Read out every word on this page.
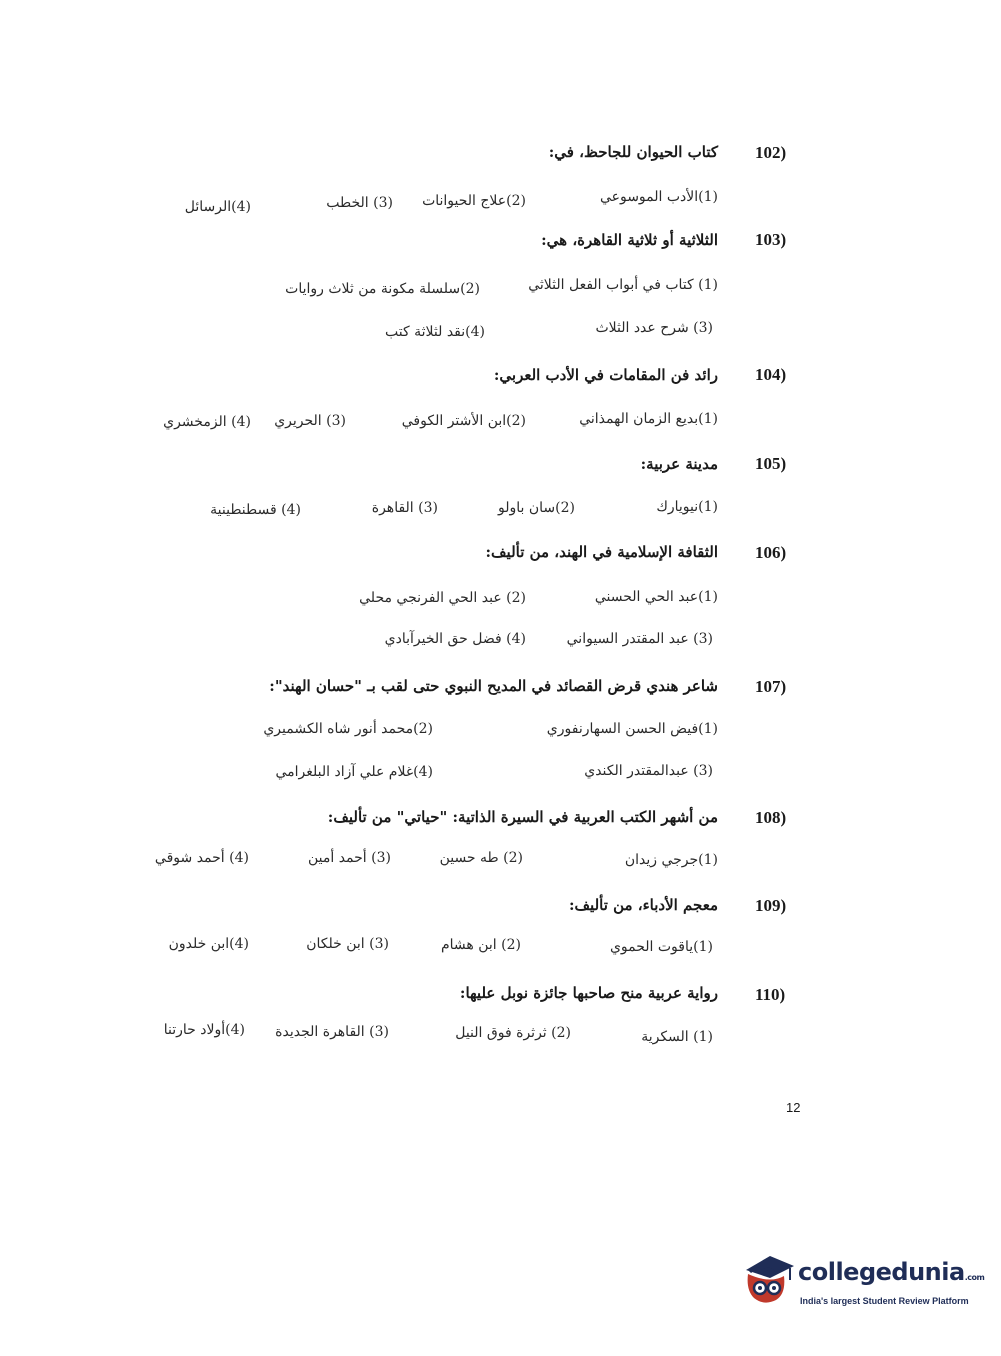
102)
كتاب الحيوان للجاحظ، في:
(1)الأدب الموسوعي
(2)علاج الحيوانات
(3) الخطب
(4)الرسائل
103)
الثلاثية أو ثلاثية القاهرة، هي:
(1) كتاب في أبواب الفعل الثلاثي
(2)سلسلة مكونة من ثلاث روايات
(3) شرح عدد الثلاث
(4)نقد لثلاثة كتب
104)
رائد فن المقامات في الأدب العربي:
(1)بديع الزمان الهمذاني
(2)ابن الأشتر الكوفي
(3) الحريري
(4) الزمخشري
105)
مدينة عربية:
(1)نيويارك
(2)سان باولو
(3) القاهرة
(4) قسطنطينية
106)
الثقافة الإسلامية في الهند، من تأليف:
(1)عبد الحي الحسني
(2) عبد الحي الفرنجي محلي
(3) عبد المقتدر السيواني
(4) فضل حق الخيرآبادي
107)
شاعر هندي قرض القصائد في المديح النبوي حتى لقب بـ "حسان الهند":
(1)فيض الحسن السهارنفوري
(2)محمد أنور شاه الكشميري
(3) عبدالمقتدر الكندي
(4)غلام علي آزاد البلغرامي
108)
من أشهر الكتب العربية في السيرة الذاتية: "حياتي" من تأليف:
(1)جرجي زيدان
(2) طه حسين
(3) أحمد أمين
(4) أحمد شوقي
109)
معجم الأدباء، من تأليف:
(1)ياقوت الحموي
(2) ابن هشام
(3) ابن خلكان
(4)ابن خلدون
110)
رواية عربية منح صاحبها جائزة نوبل عليها:
(1) السكرية
(2) ثرثرة فوق النيل
(3) القاهرة الجديدة
(4)أولاد حارتنا
12
collegedunia.com
India's largest Student Review Platform
